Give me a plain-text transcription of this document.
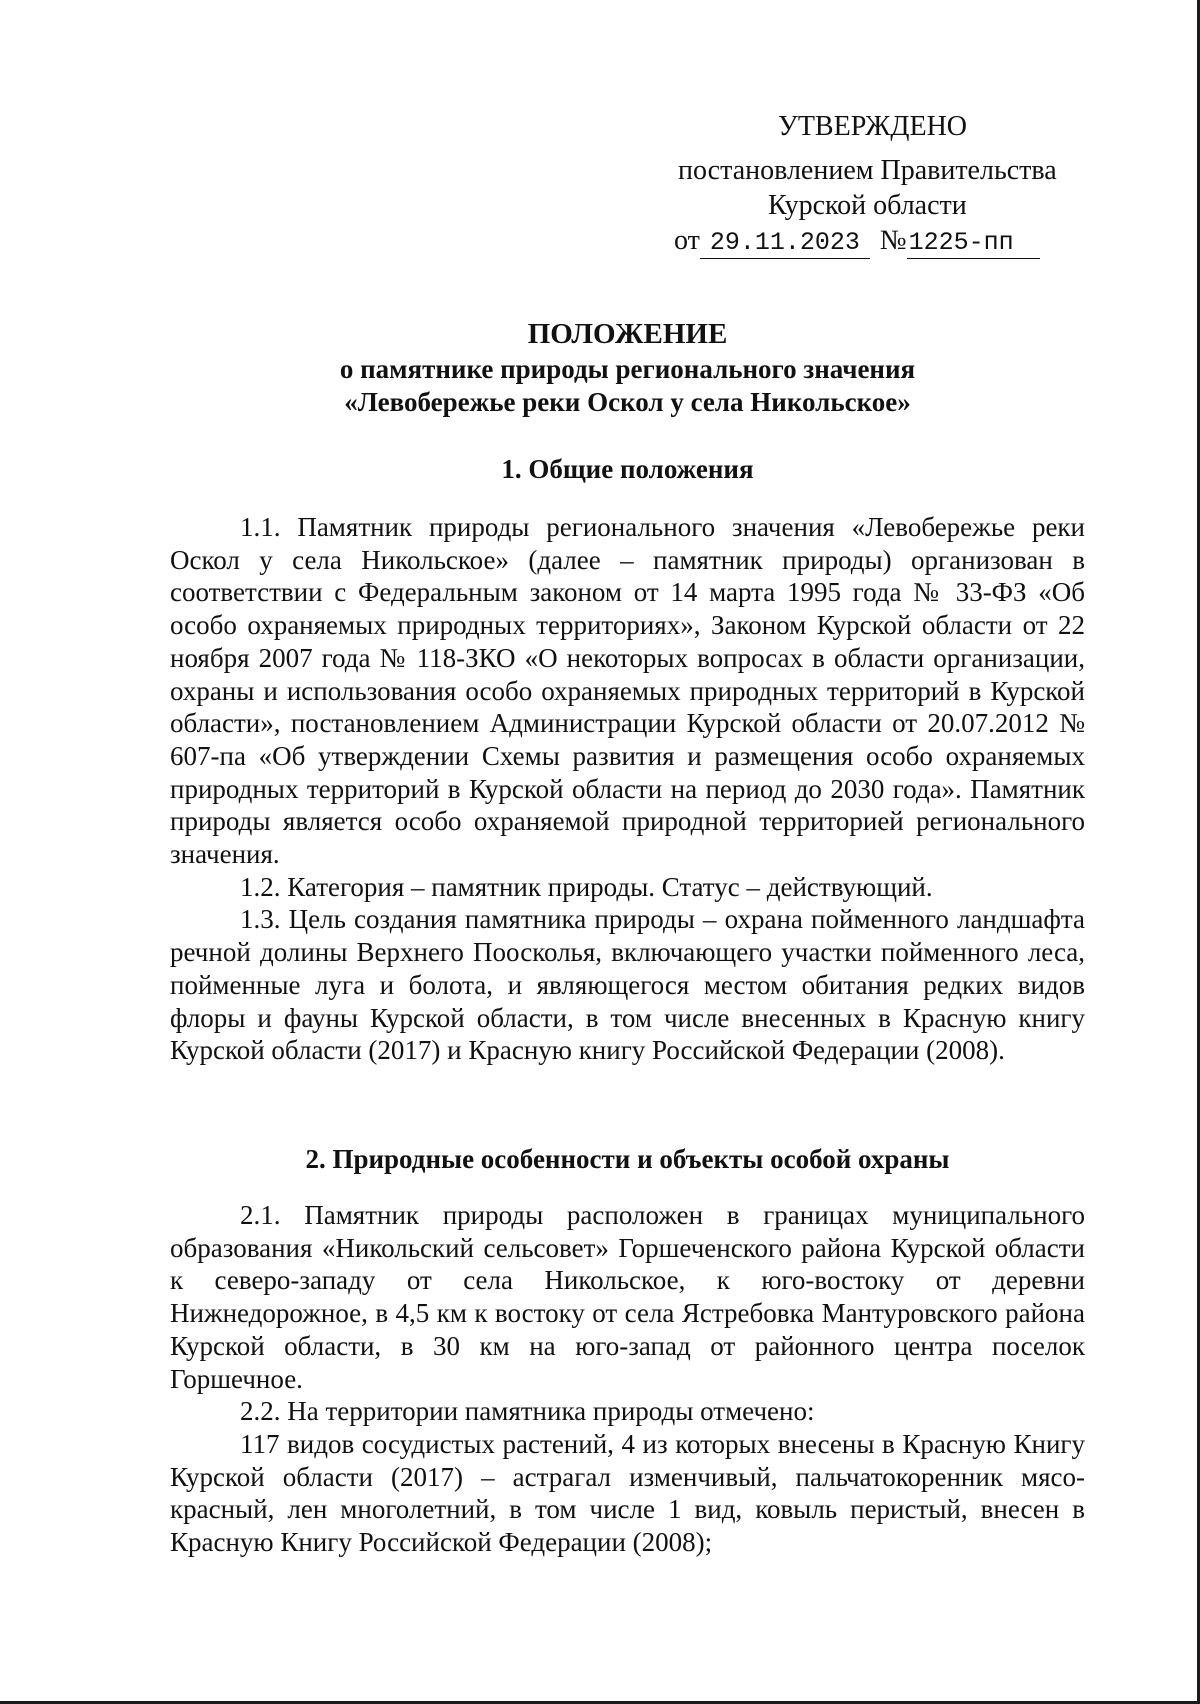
УТВЕРЖДЕНО
постановлением Правительства
Курской области
от 29.11.2023 №1225-пп
ПОЛОЖЕНИЕ
о памятнике природы регионального значения
«Левобережье реки Оскол у села Никольское»
1. Общие положения

1.1. Памятник природы регионального значения «Левобережье реки Оскол у села Никольское» (далее – памятник природы) организован в соответствии с Федеральным законом от 14 марта 1995 года № 33-ФЗ «Об особо охраняемых природных территориях», Законом Курской области от 22 ноября 2007 года № 118-ЗКО «О некоторых вопросах в области организации, охраны и использования особо охраняемых природных территорий в Курской области», постановлением Администрации Курской области от 20.07.2012 № 607-па «Об утверждении Схемы развития и размещения особо охраняемых природных территорий в Курской области на период до 2030 года». Памятник природы является особо охраняемой природной территорией регионального значения.

1.2. Категория – памятник природы. Статус – действующий.

1.3. Цель создания памятника природы – охрана пойменного ландшафта речной долины Верхнего Поосколья, включающего участки пойменного леса, пойменные луга и болота, и являющегося местом обитания редких видов флоры и фауны Курской области, в том числе внесенных в Красную книгу Курской области (2017) и Красную книгу Российской Федерации (2008).

2. Природные особенности и объекты особой охраны

2.1. Памятник природы расположен в границах муниципального образования «Никольский сельсовет» Горшеченского района Курской области к северо-западу от села Никольское, к юго-востоку от деревни Нижнедорожное, в 4,5 км к востоку от села Ястребовка Мантуровского района Курской области, в 30 км на юго-запад от районного центра поселок Горшечное.

2.2. На территории памятника природы отмечено:

117 видов сосудистых растений, 4 из которых внесены в Красную Книгу Курской области (2017) – астрагал изменчивый, пальчатокоренник мясо-красный, лен многолетний, в том числе 1 вид, ковыль перистый, внесен в Красную Книгу Российской Федерации (2008);
